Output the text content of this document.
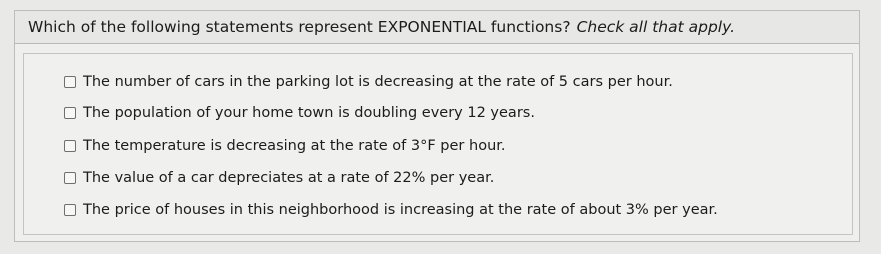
Which of the following statements represent EXPONENTIAL functions? Check all that apply.
The number of cars in the parking lot is decreasing at the rate of 5 cars per hour.
The population of your home town is doubling every 12 years.
The temperature is decreasing at the rate of 3°F per hour.
The value of a car depreciates at a rate of 22% per year.
The price of houses in this neighborhood is increasing at the rate of about 3% per year.
